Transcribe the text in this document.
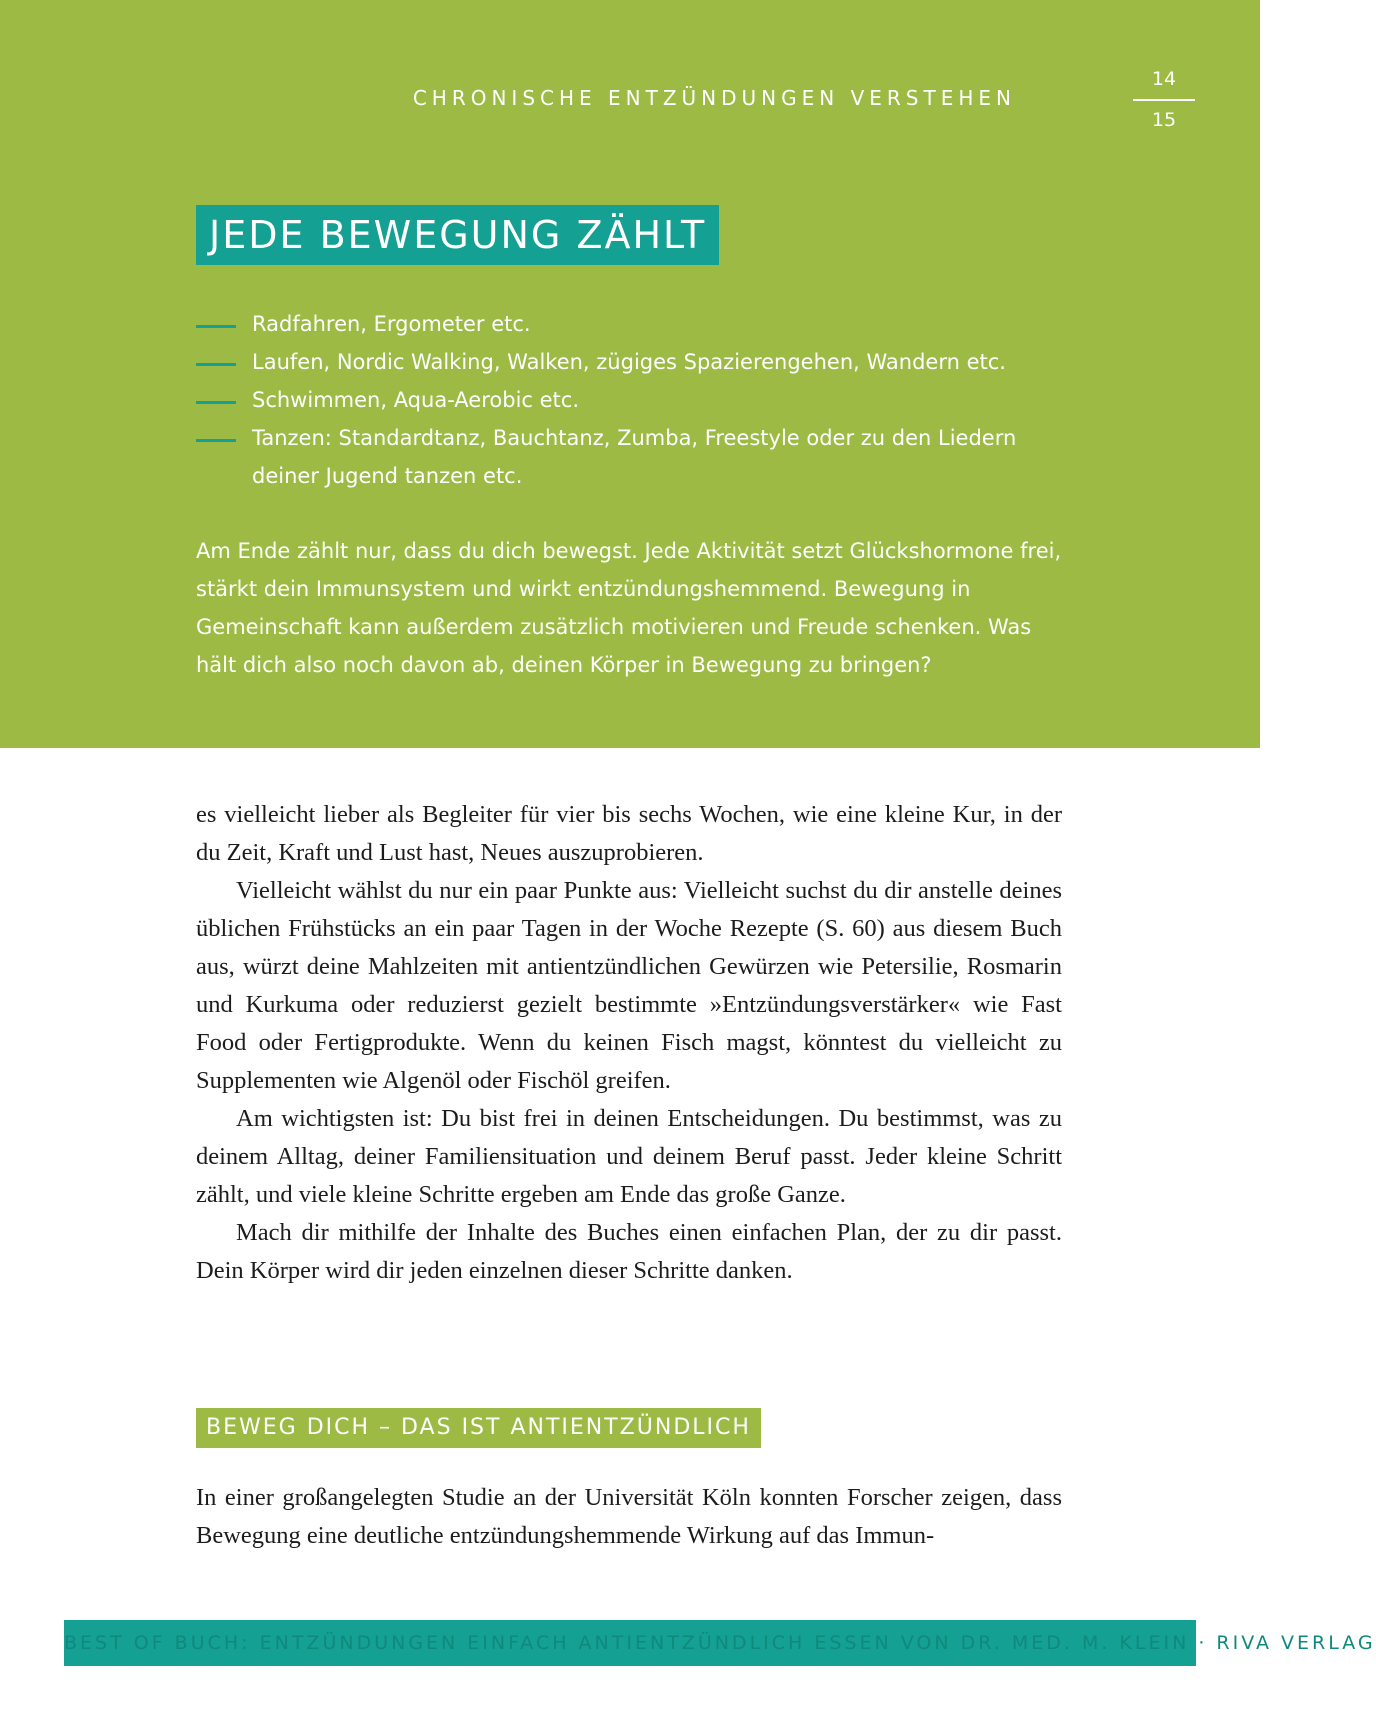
CHRONISCHE ENTZÜNDUNGEN VERSTEHEN
14
15
JEDE BEWEGUNG ZÄHLT
Radfahren, Ergometer etc.
Laufen, Nordic Walking, Walken, zügiges Spazierengehen, Wandern etc.
Schwimmen, Aqua-Aerobic etc.
Tanzen: Standardtanz, Bauchtanz, Zumba, Freestyle oder zu den Liedern deiner Jugend tanzen etc.

Am Ende zählt nur, dass du dich bewegst. Jede Aktivität setzt Glückshormone frei, stärkt dein Immunsystem und wirkt entzündungshemmend. Bewegung in Gemeinschaft kann außerdem zusätzlich motivieren und Freude schenken. Was hält dich also noch davon ab, deinen Körper in Bewegung zu bringen?

es vielleicht lieber als Begleiter für vier bis sechs Wochen, wie eine kleine Kur, in der du Zeit, Kraft und Lust hast, Neues auszuprobieren.

Vielleicht wählst du nur ein paar Punkte aus: Vielleicht suchst du dir anstelle deines üblichen Frühstücks an ein paar Tagen in der Woche Rezepte (S. 60) aus diesem Buch aus, würzt deine Mahlzeiten mit antientzündlichen Gewürzen wie Petersilie, Rosmarin und Kurkuma oder reduzierst gezielt bestimmte »Entzündungsverstärker« wie Fast Food oder Fertigprodukte. Wenn du keinen Fisch magst, könntest du vielleicht zu Supplementen wie Algenöl oder Fischöl greifen.

Am wichtigsten ist: Du bist frei in deinen Entscheidungen. Du bestimmst, was zu deinem Alltag, deiner Familiensituation und deinem Beruf passt. Jeder kleine Schritt zählt, und viele kleine Schritte ergeben am Ende das große Ganze.

Mach dir mithilfe der Inhalte des Buches einen einfachen Plan, der zu dir passt. Dein Körper wird dir jeden einzelnen dieser Schritte danken.

BEWEG DICH – DAS IST ANTIENTZÜNDLICH

In einer großangelegten Studie an der Universität Köln konnten Forscher zeigen, dass Bewegung eine deutliche entzündungshemmende Wirkung auf das Immun-

BEST OF BUCH: ENTZÜNDUNGEN EINFACH ANTIENTZÜNDLICH ESSEN VON DR. MED. M. KLEIN · RIVA VERLAG
